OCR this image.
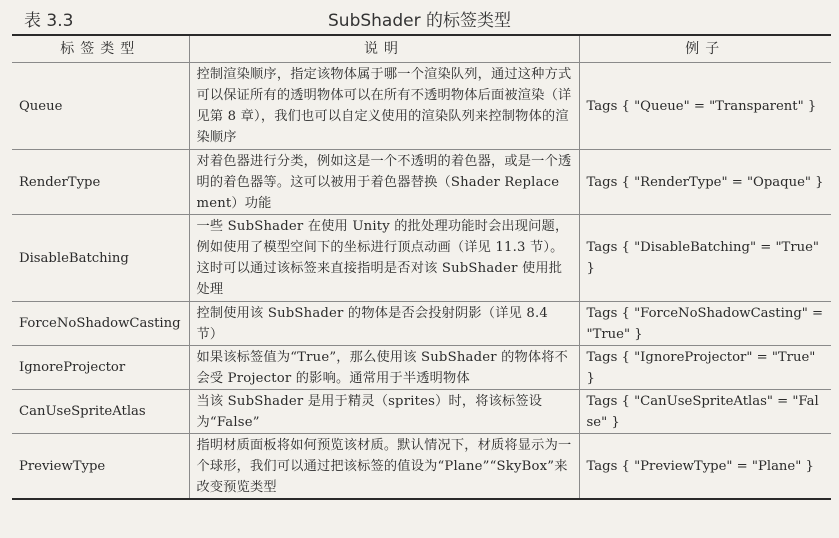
表 3.3	SubShader 的标签类型
标签类型	说明	例子
Queue	控制渲染顺序，指定该物体属于哪一个渲染队列，通过这种方式可以保证所有的透明物体可以在所有不透明物体后面被渲染（详见第 8 章），我们也可以自定义使用的渲染队列来控制物体的渲染顺序	Tags { "Queue" = "Transparent" }
RenderType	对着色器进行分类，例如这是一个不透明的着色器，或是一个透明的着色器等。这可以被用于着色器替换（Shader Replacement）功能	Tags { "RenderType" = "Opaque" }
DisableBatching	一些 SubShader 在使用 Unity 的批处理功能时会出现问题，例如使用了模型空间下的坐标进行顶点动画（详见 11.3 节）。这时可以通过该标签来直接指明是否对该 SubShader 使用批处理	Tags { "DisableBatching" = "True" }
ForceNoShadowCasting	控制使用该 SubShader 的物体是否会投射阴影（详见 8.4 节）	Tags { "ForceNoShadowCasting" = "True" }
IgnoreProjector	如果该标签值为“True”，那么使用该 SubShader 的物体将不会受 Projector 的影响。通常用于半透明物体	Tags { "IgnoreProjector" = "True" }
CanUseSpriteAtlas	当该 SubShader 是用于精灵（sprites）时，将该标签设为“False”	Tags { "CanUseSpriteAtlas" = "False" }
PreviewType	指明材质面板将如何预览该材质。默认情况下，材质将显示为一个球形，我们可以通过把该标签的值设为“Plane”“SkyBox”来改变预览类型	Tags { "PreviewType" = "Plane" }
